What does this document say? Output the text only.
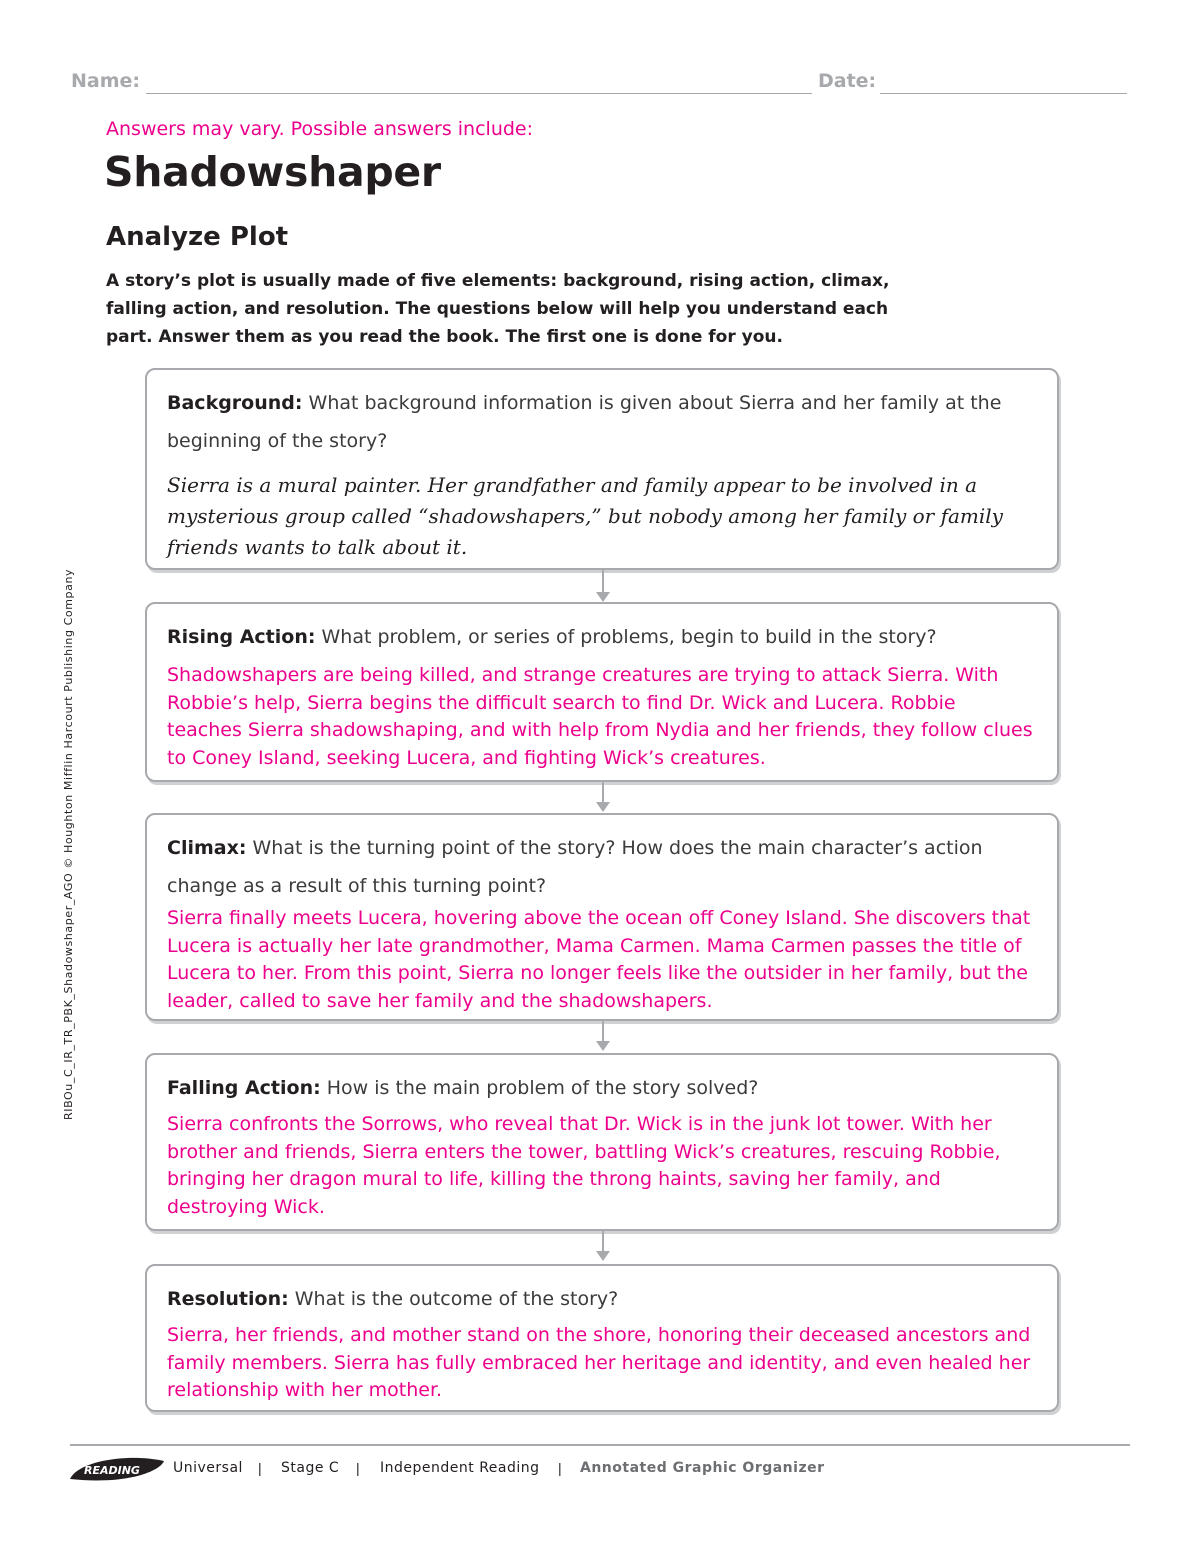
Name:	Date:
Answers may vary. Possible answers include:
Shadowshaper
Analyze Plot
A story’s plot is usually made of five elements: background, rising action, climax, falling action, and resolution. The questions below will help you understand each part. Answer them as you read the book. The first one is done for you.
RIBOu_C_IR_TR_PBK_Shadowshaper_AGO © Houghton Mifflin Harcourt Publishing Company
Background: What background information is given about Sierra and her family at the beginning of the story?
Sierra is a mural painter. Her grandfather and family appear to be involved in a mysterious group called “shadowshapers,” but nobody among her family or family friends wants to talk about it.
Rising Action: What problem, or series of problems, begin to build in the story?
Shadowshapers are being killed, and strange creatures are trying to attack Sierra. With Robbie’s help, Sierra begins the difficult search to find Dr. Wick and Lucera. Robbie teaches Sierra shadowshaping, and with help from Nydia and her friends, they follow clues to Coney Island, seeking Lucera, and fighting Wick’s creatures.
Climax: What is the turning point of the story? How does the main character’s action change as a result of this turning point?
Sierra finally meets Lucera, hovering above the ocean off Coney Island. She discovers that Lucera is actually her late grandmother, Mama Carmen. Mama Carmen passes the title of Lucera to her. From this point, Sierra no longer feels like the outsider in her family, but the leader, called to save her family and the shadowshapers.
Falling Action: How is the main problem of the story solved?
Sierra confronts the Sorrows, who reveal that Dr. Wick is in the junk lot tower. With her brother and friends, Sierra enters the tower, battling Wick’s creatures, rescuing Robbie, bringing her dragon mural to life, killing the throng haints, saving her family, and destroying Wick.
Resolution: What is the outcome of the story?
Sierra, her friends, and mother stand on the shore, honoring their deceased ancestors and family members. Sierra has fully embraced her heritage and identity, and even healed her relationship with her mother.
READING Universal | Stage C | Independent Reading | Annotated Graphic Organizer
